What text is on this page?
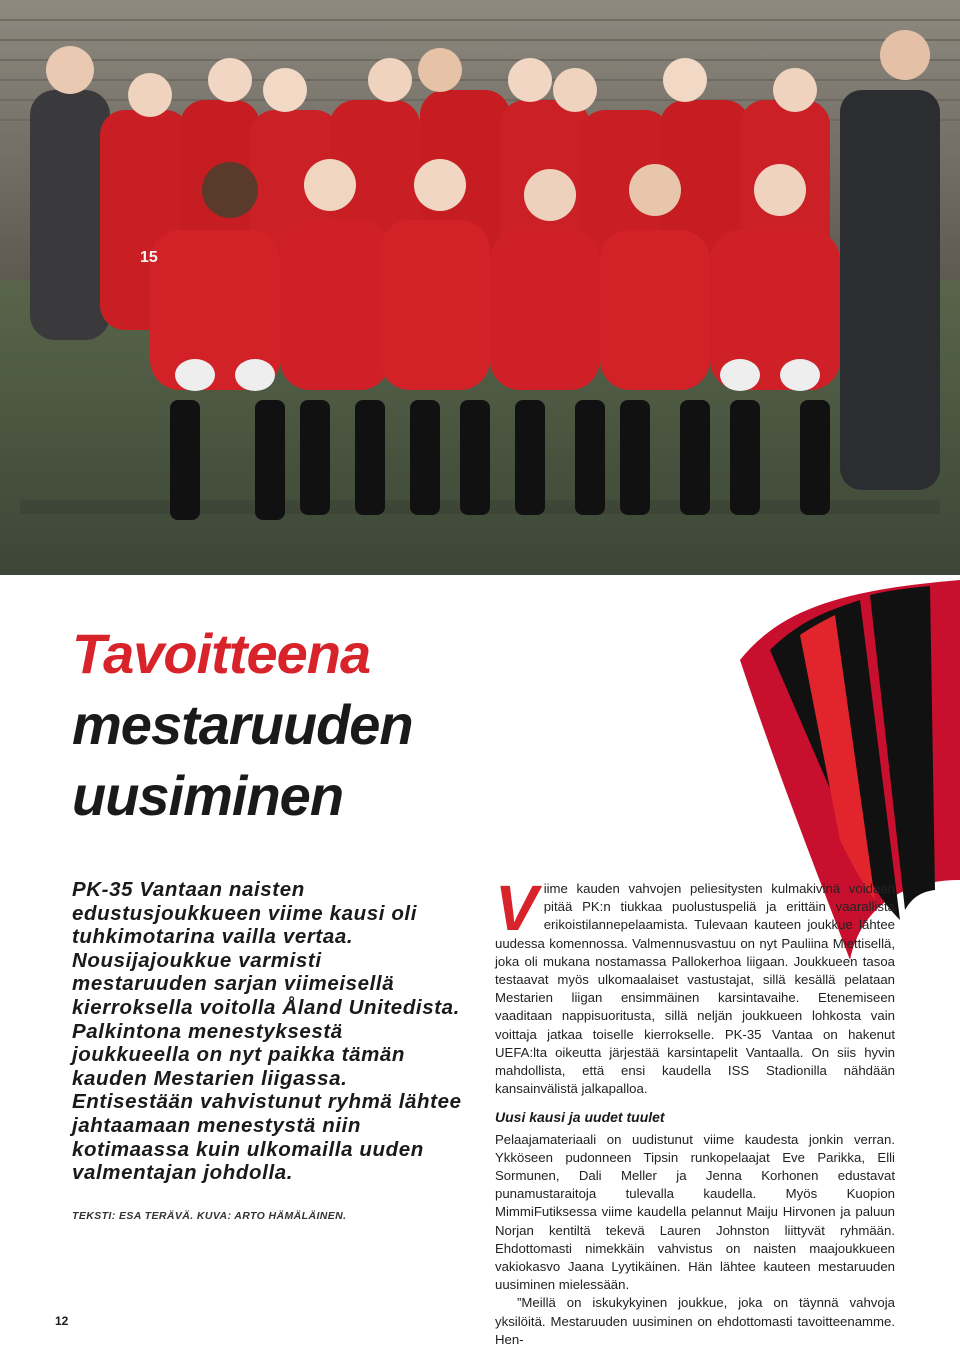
15
Tavoitteena
mestaruuden
uusiminen

PK-35 Vantaan naisten edustusjoukkueen viime kausi oli tuhkimotarina vailla vertaa. Nousijajoukkue varmisti mestaruuden sarjan viimeisellä kierroksella voitolla Åland Unitedista. Palkintona menestyksestä joukkueella on nyt paikka tämän kauden Mestarien liigassa. Entisestään vahvistunut ryhmä lähtee jahtaamaan menestystä niin kotimaassa kuin ulkomailla uuden valmentajan johdolla.

TEKSTI: ESA TERÄVÄ. KUVA: ARTO HÄMÄLÄINEN.

Viime kauden vahvojen peliesitysten kulmakivinä voidaan pitää PK:n tiukkaa puolustuspeliä ja erittäin vaarallista erikoistilannepelaamista. Tulevaan kauteen joukkue lähtee uudessa komennossa. Valmennusvastuu on nyt Pauliina Miettisellä, joka oli mukana nostamassa Pallokerhoa liigaan. Joukkueen tasoa testaavat myös ulkomaalaiset vastustajat, sillä kesällä pelataan Mestarien liigan ensimmäinen karsintavaihe. Etenemiseen vaaditaan nappisuoritusta, sillä neljän joukkueen lohkosta vain voittaja jatkaa toiselle kierrokselle. PK-35 Vantaa on hakenut UEFA:lta oikeutta järjestää karsintapelit Vantaalla. On siis hyvin mahdollista, että ensi kaudella ISS Stadionilla nähdään kansainvälistä jalkapalloa.

Uusi kausi ja uudet tuulet

Pelaajamateriaali on uudistunut viime kaudesta jonkin verran. Ykköseen pudonneen Tipsin runkopelaajat Eve Parikka, Elli Sormunen, Dali Meller ja Jenna Korhonen edustavat punamustaraitoja tulevalla kaudella. Myös Kuopion MimmiFutiksessa viime kaudella pelannut Maiju Hirvonen ja paluun Norjan kentiltä tekevä Lauren Johnston liittyvät ryhmään. Ehdottomasti nimekkäin vahvistus on naisten maajoukkueen vakiokasvo Jaana Lyytikäinen. Hän lähtee kauteen mestaruuden uusiminen mielessään.

”Meillä on iskukykyinen joukkue, joka on täynnä vahvoja yksilöitä. Mestaruuden uusiminen on ehdottomasti tavoitteenamme. Hen-

12
